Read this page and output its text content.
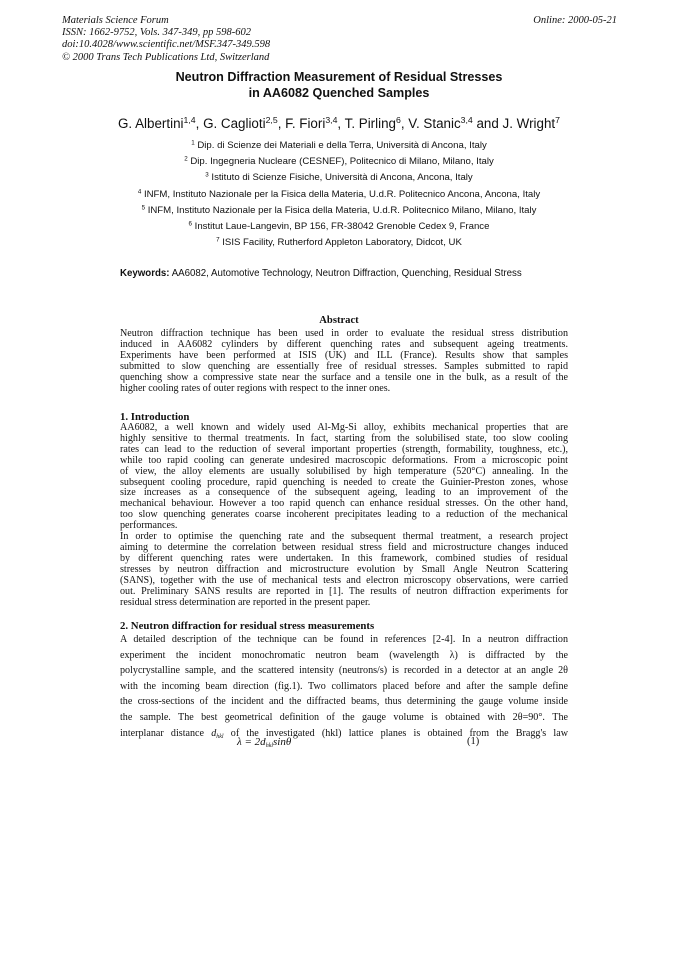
Materials Science Forum
ISSN: 1662-9752, Vols. 347-349, pp 598-602
doi:10.4028/www.scientific.net/MSF.347-349.598
© 2000 Trans Tech Publications Ltd, Switzerland
Online: 2000-05-21
Neutron Diffraction Measurement of Residual Stresses
in AA6082 Quenched Samples
G. Albertini$^{1,4}$, G. Caglioti$^{2,5}$, F. Fiori$^{3,4}$, T. Pirling$^6$, V. Stanic$^{3,4}$ and J. Wright$^7$
$^1$ Dip. di Scienze dei Materiali e della Terra, Università di Ancona, Italy
$^2$ Dip. Ingegneria Nucleare (CESNEF), Politecnico di Milano, Milano, Italy
$^3$ Istituto di Scienze Fisiche, Università di Ancona, Ancona, Italy
$^4$ INFM, Instituto Nazionale per la Fisica della Materia, U.d.R. Politecnico Ancona, Ancona, Italy
$^5$ INFM, Instituto Nazionale per la Fisica della Materia, U.d.R. Politecnico Milano, Milano, Italy
$^6$ Institut Laue-Langevin, BP 156, FR-38042 Grenoble Cedex 9, France
$^7$ ISIS Facility, Rutherford Appleton Laboratory, Didcot, UK
Keywords: AA6082, Automotive Technology, Neutron Diffraction, Quenching, Residual Stress
Abstract
Neutron diffraction technique has been used in order to evaluate the residual stress distribution
induced in AA6082 cylinders by different quenching rates and subsequent ageing treatments.
Experiments have been performed at ISIS (UK) and ILL (France). Results show that samples
submitted to slow quenching are essentially free of residual stresses. Samples submitted to rapid
quenching show a compressive state near the surface and a tensile one in the bulk, as a result of the
higher cooling rates of outer regions with respect to the inner ones.
1. Introduction
AA6082, a well known and widely used Al-Mg-Si alloy, exhibits mechanical properties that are
highly sensitive to thermal treatments. In fact, starting from the solubilised state, too slow cooling
rates can lead to the reduction of several important properties (strength, formability, toughness, etc.),
while too rapid cooling can generate undesired macroscopic deformations. From a microscopic point
of view, the alloy elements are usually solubilised by high temperature (520°C) annealing. In the
subsequent cooling procedure, rapid quenching is needed to create the Guinier-Preston zones, whose
size increases as a consequence of the subsequent ageing, leading to an improvement of the
mechanical behaviour. However a too rapid quench can enhance residual stresses. On the other hand,
too slow quenching generates coarse incoherent precipitates leading to a reduction of the mechanical
performances.
In order to optimise the quenching rate and the subsequent thermal treatment, a research project
aiming to determine the correlation between residual stress field and microstructure changes induced
by different quenching rates were undertaken. In this framework, combined studies of residual
stresses by neutron diffraction and microstructure evolution by Small Angle Neutron Scattering
(SANS), together with the use of mechanical tests and electron microscopy observations, were carried
out. Preliminary SANS results are reported in [1]. The results of neutron diffraction experiments for
residual stress determination are reported in the present paper.
2. Neutron diffraction for residual stress measurements
A detailed description of the technique can be found in references [2-4]. In a neutron diffraction
experiment the incident monochromatic neutron beam (wavelength λ) is diffracted by the
polycrystalline sample, and the scattered intensity (neutrons/s) is recorded in a detector at an angle 2θ
with the incoming beam direction (fig.1). Two collimators placed before and after the sample define
the cross-sections of the incident and the diffracted beams, thus determining the gauge volume inside
the sample. The best geometrical definition of the gauge volume is obtained with 2θ=90°. The
interplanar distance $d_{hkl}$ of the investigated (hkl) lattice planes is obtained from the Bragg's law
$\lambda = 2d_{hkl}\sin\theta$	(1)
